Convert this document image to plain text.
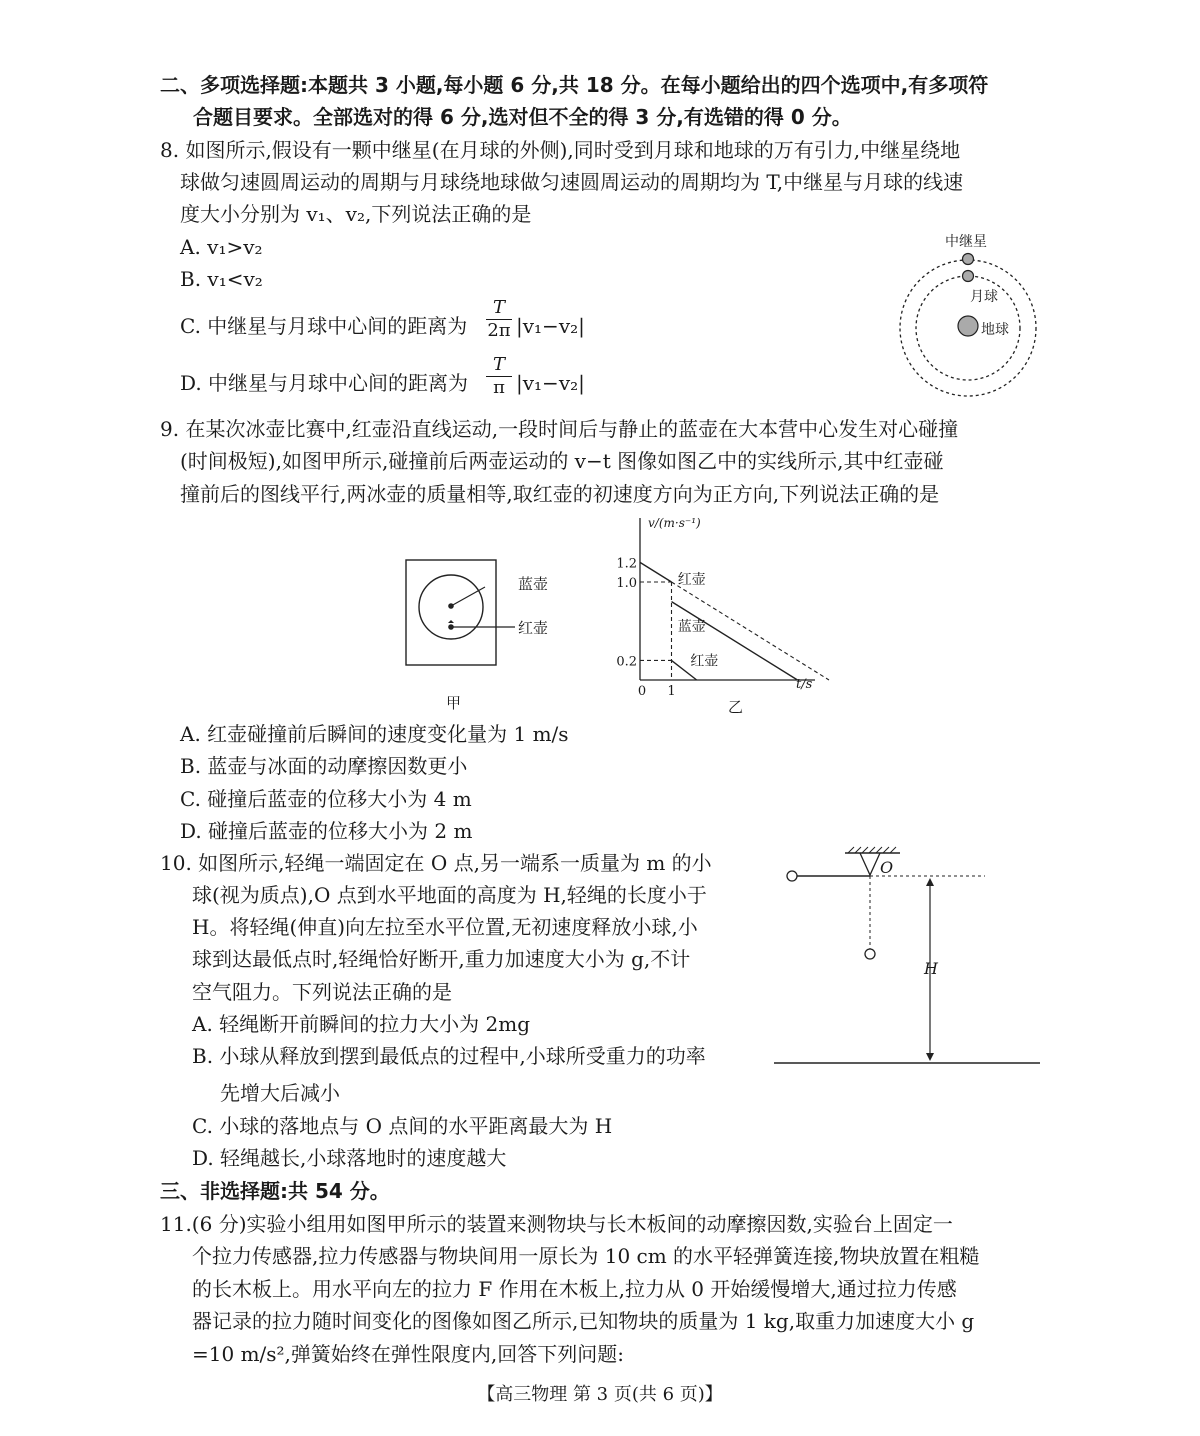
二、多项选择题:本题共 3 小题,每小题 6 分,共 18 分。在每小题给出的四个选项中,有多项符
合题目要求。全部选对的得 6 分,选对但不全的得 3 分,有选错的得 0 分。
8. 如图所示,假设有一颗中继星(在月球的外侧),同时受到月球和地球的万有引力,中继星绕地
球做匀速圆周运动的周期与月球绕地球做匀速圆周运动的周期均为 T,中继星与月球的线速
度大小分别为 v₁、v₂,下列说法正确的是
A. v₁>v₂
B. v₁<v₂
C. 中继星与月球中心间的距离为 $\frac{T}{2\pi} |v_1-v_2|$
D. 中继星与月球中心间的距离为 $\frac{T}{\pi} |v_1-v_2|$
中继星
月球
地球
9. 在某次冰壶比赛中,红壶沿直线运动,一段时间后与静止的蓝壶在大本营中心发生对心碰撞
(时间极短),如图甲所示,碰撞前后两壶运动的 v−t 图像如图乙中的实线所示,其中红壶碰
撞前后的图线平行,两冰壶的质量相等,取红壶的初速度方向为正方向,下列说法正确的是
蓝壶
红壶
甲
v/(m·s⁻¹)
t/s
1.2
1.0
0.2
0 1
红壶
蓝壶
红壶
乙
A. 红壶碰撞前后瞬间的速度变化量为 1 m/s
B. 蓝壶与冰面的动摩擦因数更小
C. 碰撞后蓝壶的位移大小为 4 m
D. 碰撞后蓝壶的位移大小为 2 m
10. 如图所示,轻绳一端固定在 O 点,另一端系一质量为 m 的小
球(视为质点),O 点到水平地面的高度为 H,轻绳的长度小于
H。将轻绳(伸直)向左拉至水平位置,无初速度释放小球,小
球到达最低点时,轻绳恰好断开,重力加速度大小为 g,不计
空气阻力。下列说法正确的是
A. 轻绳断开前瞬间的拉力大小为 2mg
B. 小球从释放到摆到最低点的过程中,小球所受重力的功率
先增大后减小
C. 小球的落地点与 O 点间的水平距离最大为 H
D. 轻绳越长,小球落地时的速度越大
O
H
三、非选择题:共 54 分。
11.(6 分)实验小组用如图甲所示的装置来测物块与长木板间的动摩擦因数,实验台上固定一
个拉力传感器,拉力传感器与物块间用一原长为 10 cm 的水平轻弹簧连接,物块放置在粗糙
的长木板上。用水平向左的拉力 F 作用在木板上,拉力从 0 开始缓慢增大,通过拉力传感
器记录的拉力随时间变化的图像如图乙所示,已知物块的质量为 1 kg,取重力加速度大小 g
=10 m/s²,弹簧始终在弹性限度内,回答下列问题:
【高三物理 第 3 页(共 6 页)】
